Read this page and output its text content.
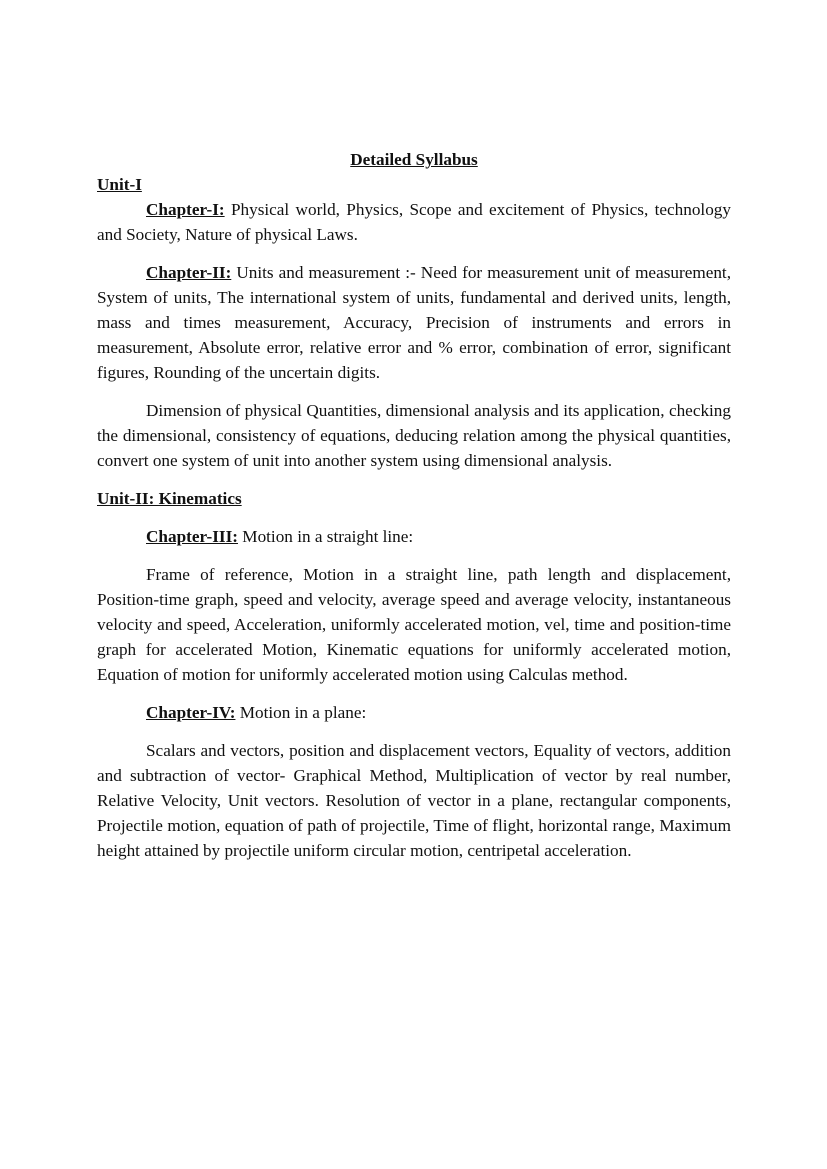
Detailed Syllabus

Unit-I

Chapter-I: Physical world, Physics, Scope and excitement of Physics, technology and Society, Nature of physical Laws.

Chapter-II: Units and measurement :- Need for measurement unit of measurement, System of units, The international system of units, fundamental and derived units, length, mass and times measurement, Accuracy, Precision of instruments and errors in measurement, Absolute error, relative error and % error, combination of error, significant figures, Rounding of the uncertain digits.

Dimension of physical Quantities, dimensional analysis and its application, checking the dimensional, consistency of equations, deducing relation among the physical quantities, convert one system of unit into another system using dimensional analysis.

Unit-II: Kinematics

Chapter-III: Motion in a straight line:

Frame of reference, Motion in a straight line, path length and displacement, Position-time graph, speed and velocity, average speed and average velocity, instantaneous velocity and speed, Acceleration, uniformly accelerated motion, vel, time and position-time graph for accelerated Motion, Kinematic equations for uniformly accelerated motion, Equation of motion for uniformly accelerated motion using Calculas method.

Chapter-IV: Motion in a plane:

Scalars and vectors, position and displacement vectors, Equality of vectors, addition and subtraction of vector- Graphical Method, Multiplication of vector by real number, Relative Velocity, Unit vectors. Resolution of vector in a plane, rectangular components, Projectile motion, equation of path of projectile, Time of flight, horizontal range, Maximum height attained by projectile uniform circular motion, centripetal acceleration.
